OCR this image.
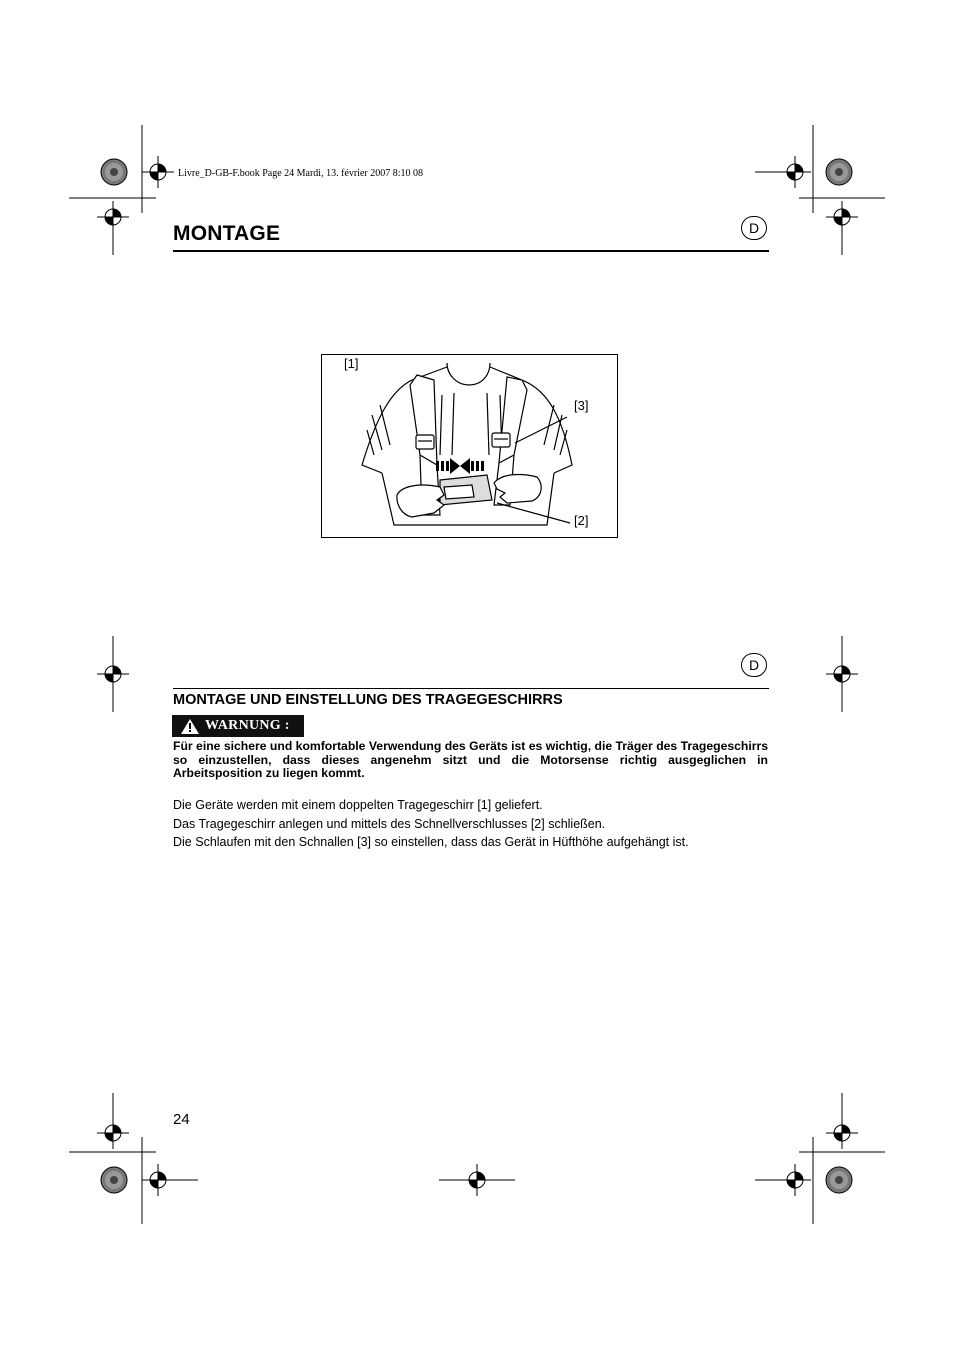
Livre_D-GB-F.book Page 24 Mardi, 13. février 2007 8:10 08
MONTAGE	D
[1]
[3]
[2]
D
MONTAGE UND EINSTELLUNG DES TRAGEGESCHIRRS
WARNUNG :
Für eine sichere und komfortable Verwendung des Geräts ist es wichtig, die Träger des Tragegeschirrs so einzustellen, dass dieses angenehm sitzt und die Motorsense richtig ausgeglichen in Arbeitsposition zu liegen kommt.
Die Geräte werden mit einem doppelten Tragegeschirr [1] geliefert.
Das Tragegeschirr anlegen und mittels des Schnellverschlusses [2] schließen.
Die Schlaufen mit den Schnallen [3] so einstellen, dass das Gerät in Hüfthöhe aufgehängt ist.
24
